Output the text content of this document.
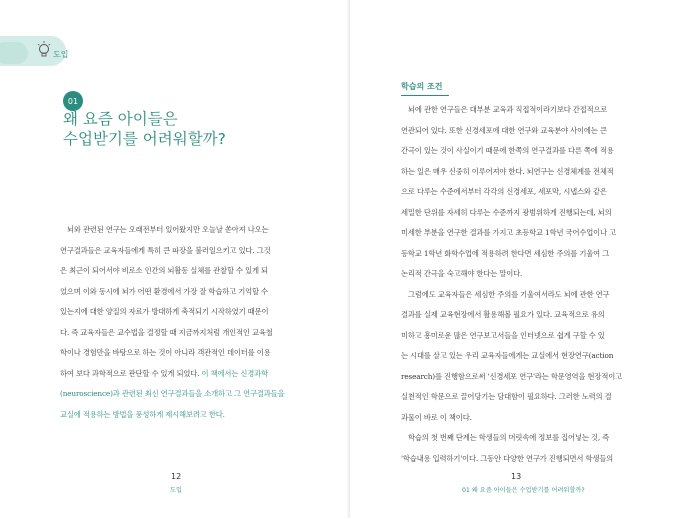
도입
01
왜 요즘 아이들은
수업받기를 어려워할까?
뇌와 관련된 연구는 오래전부터 있어왔지만 오늘날 쏟아져 나오는
연구결과들은 교육자들에게 특히 큰 파장을 불러일으키고 있다. 그것
은 최근이 되어서야 비로소 인간의 뇌활동 실체를 관찰할 수 있게 되
었으며 이와 동시에 뇌가 어떤 환경에서 가장 잘 학습하고 기억할 수
있는지에 대한 양질의 자료가 방대하게 축적되기 시작하였기 때문이
다. 즉 교육자들은 교수법을 결정할 때 지금까지처럼 개인적인 교육철
학이나 경험만을 바탕으로 하는 것이 아니라 객관적인 데이터를 이용
하여 보다 과학적으로 판단할 수 있게 되었다. 이 책에서는 신경과학
(neuroscience)과 관련된 최신 연구결과들을 소개하고 그 연구결과들을
교실에 적용하는 방법을 풍성하게 제시해보려고 한다.
12
도입
학습의 조건
뇌에 관한 연구들은 대부분 교육과 직접적이라기보다 간접적으로
연관되어 있다. 또한 신경세포에 대한 연구와 교육분야 사이에는 큰
간극이 있는 것이 사실이기 때문에 한쪽의 연구결과를 다른 쪽에 적용
하는 일은 매우 신중히 이루어져야 한다. 뇌연구는 신경체계를 전체적
으로 다루는 수준에서부터 각각의 신경세포, 세포막, 시냅스와 같은
세밀한 단위를 자세히 다루는 수준까지 광범위하게 진행되는데, 뇌의
미세한 부분을 연구한 결과를 가지고 초등학교 1학년 국어수업이나 고
등학교 1학년 화학수업에 적용하려 한다면 세심한 주의를 기울여 그
논리적 간극을 숙고해야 한다는 말이다.
그럼에도 교육자들은 세심한 주의를 기울여서라도 뇌에 관한 연구
결과를 실제 교육현장에서 활용해볼 필요가 있다. 교육적으로 유의
미하고 흥미로운 많은 연구보고서들을 인터넷으로 쉽게 구할 수 있
는 시대를 살고 있는 우리 교육자들에게는 교실에서 현장연구(action
research)를 진행함으로써 '신경세포 연구'라는 학문영역을 현장적이고
실천적인 학문으로 끌어당기는 담대함이 필요하다. 그러한 노력의 결
과물이 바로 이 책이다.
학습의 첫 번째 단계는 학생들의 머릿속에 정보를 집어넣는 것, 즉
'학습내용 입력하기'이다. 그동안 다양한 연구가 진행되면서 학생들의
13
01 왜 요즘 아이들은 수업받기를 어려워할까?
